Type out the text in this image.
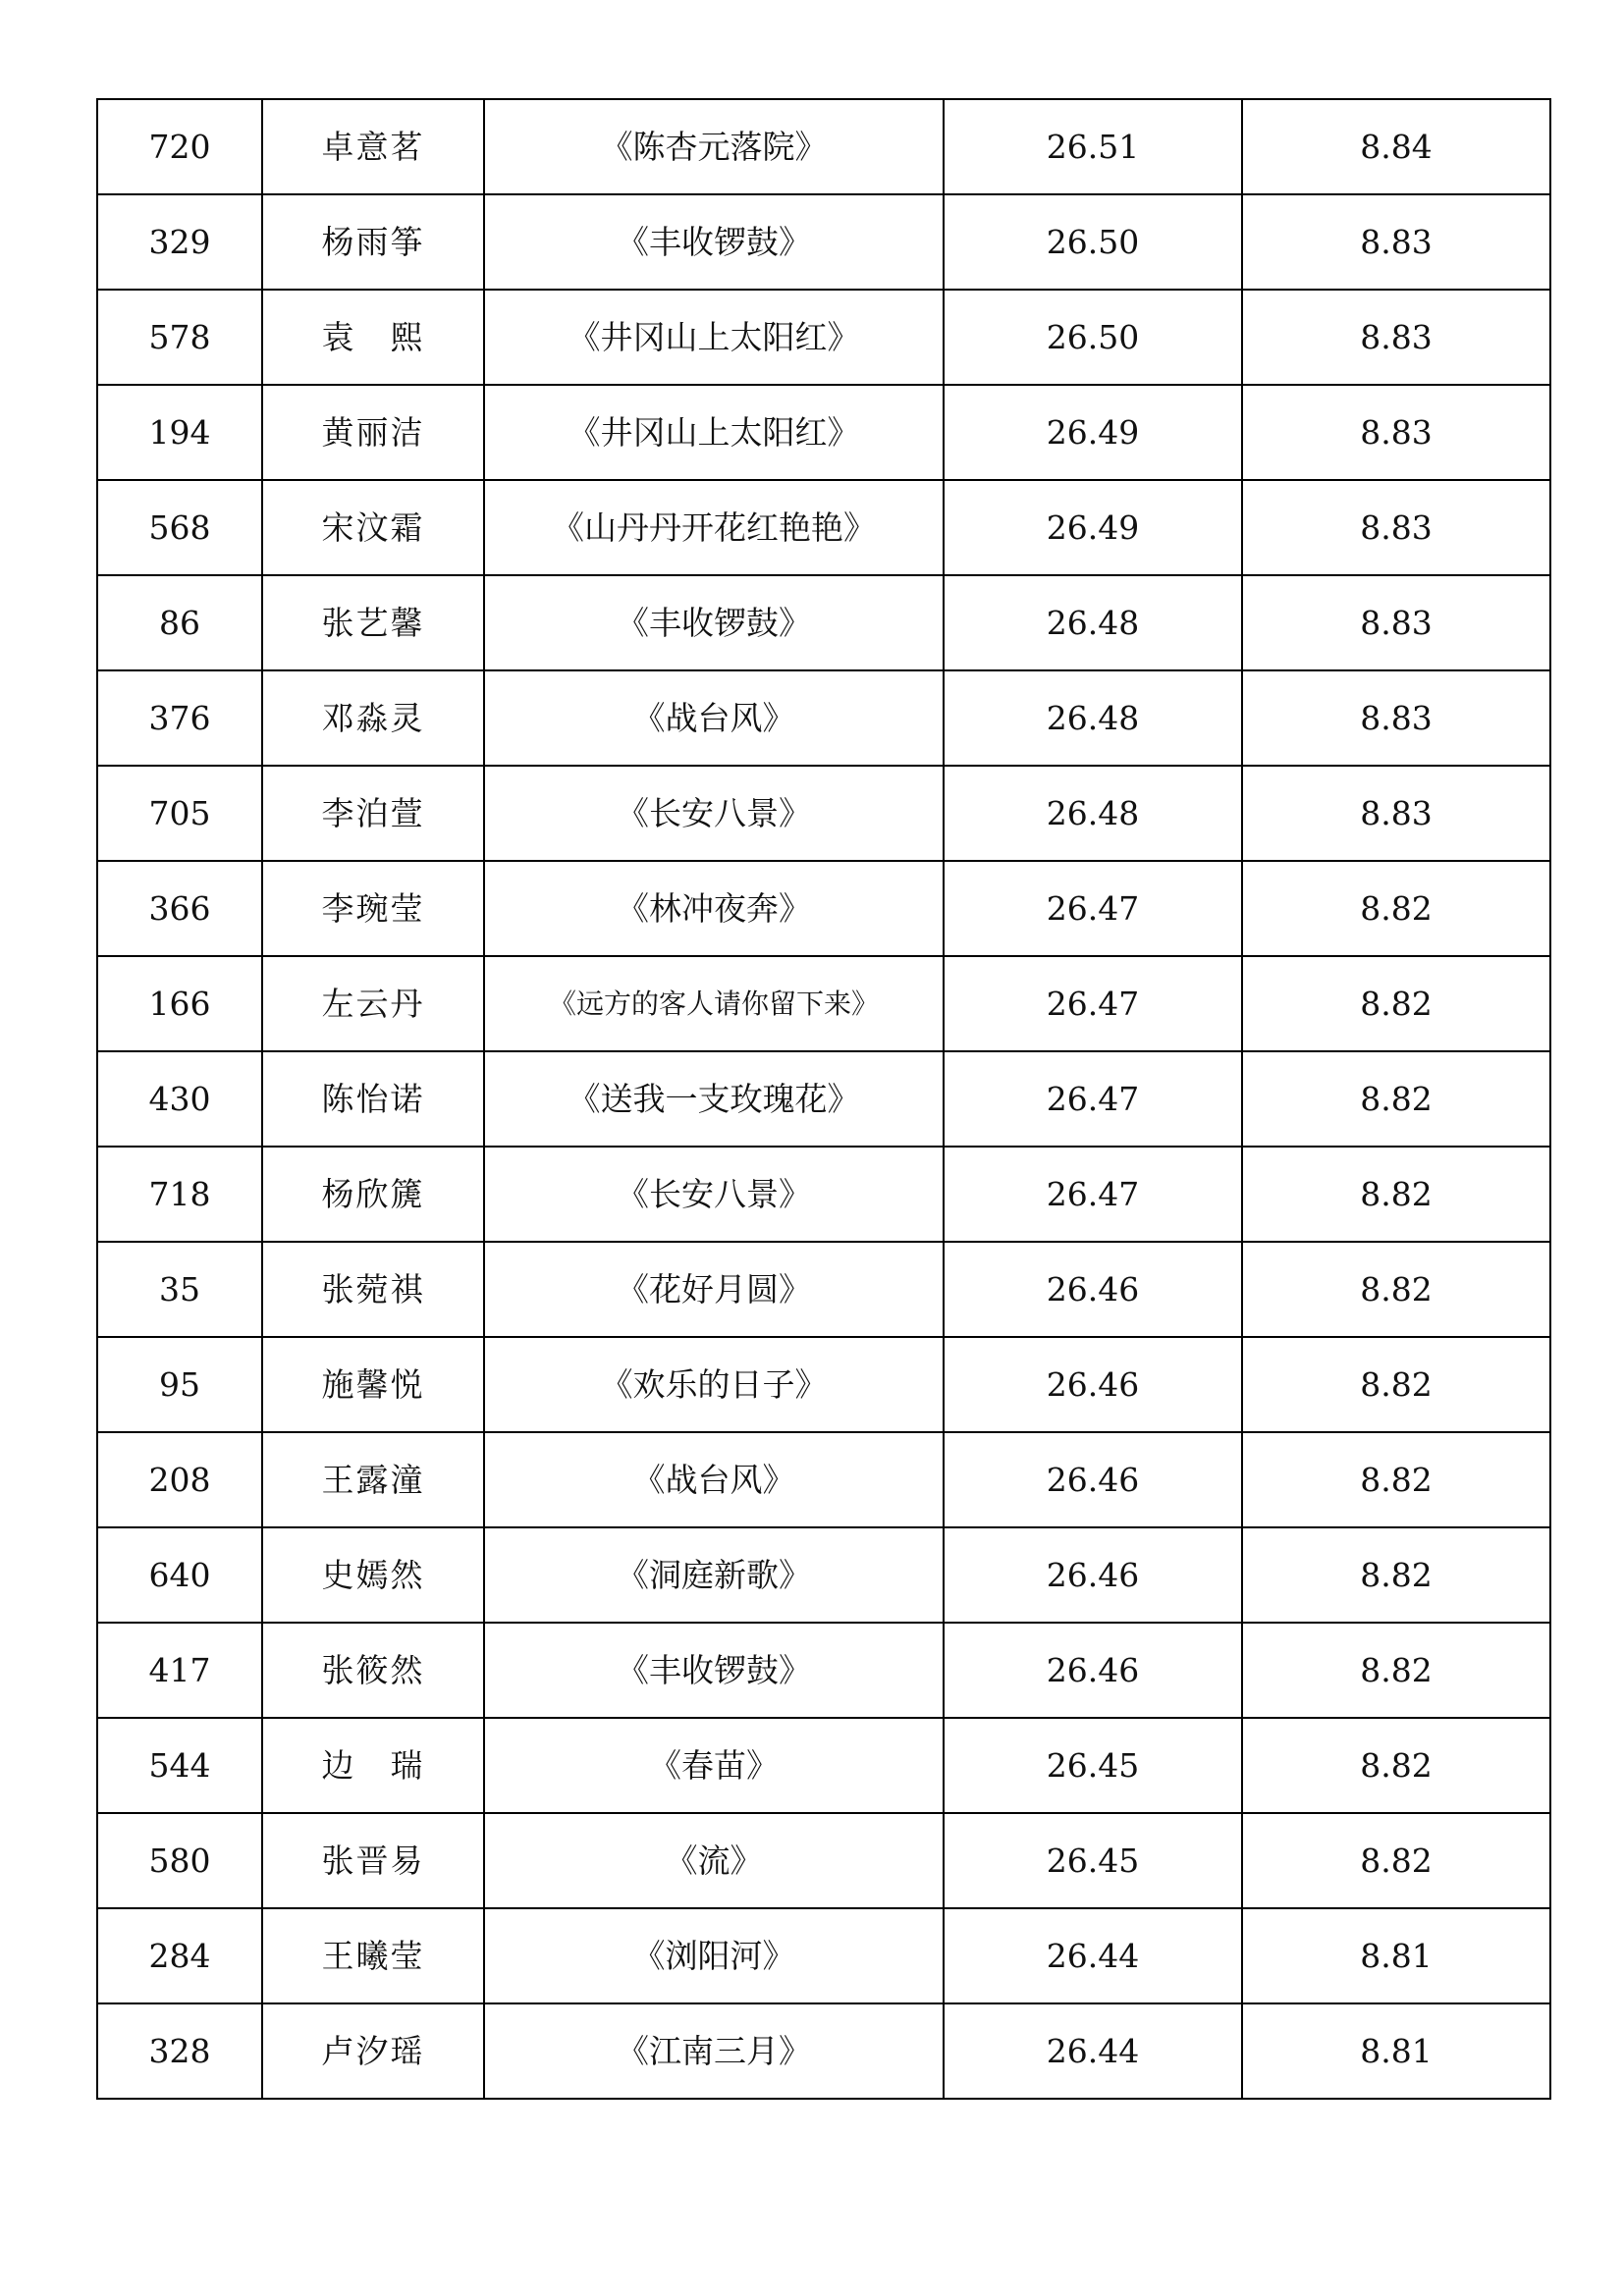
720	卓意茗	《陈杏元落院》	26.51	8.84
329	杨雨筝	《丰收锣鼓》	26.50	8.83
578	袁　熙	《井冈山上太阳红》	26.50	8.83
194	黄丽洁	《井冈山上太阳红》	26.49	8.83
568	宋汶霜	《山丹丹开花红艳艳》	26.49	8.83
86	张艺馨	《丰收锣鼓》	26.48	8.83
376	邓淼灵	《战台风》	26.48	8.83
705	李泊萱	《长安八景》	26.48	8.83
366	李琬莹	《林冲夜奔》	26.47	8.82
166	左云丹	《远方的客人请你留下来》	26.47	8.82
430	陈怡诺	《送我一支玫瑰花》	26.47	8.82
718	杨欣篪	《长安八景》	26.47	8.82
35	张菀祺	《花好月圆》	26.46	8.82
95	施馨悦	《欢乐的日子》	26.46	8.82
208	王露潼	《战台风》	26.46	8.82
640	史嫣然	《洞庭新歌》	26.46	8.82
417	张筱然	《丰收锣鼓》	26.46	8.82
544	边　瑞	《春苗》	26.45	8.82
580	张晋易	《流》	26.45	8.82
284	王曦莹	《浏阳河》	26.44	8.81
328	卢汐瑶	《江南三月》	26.44	8.81
